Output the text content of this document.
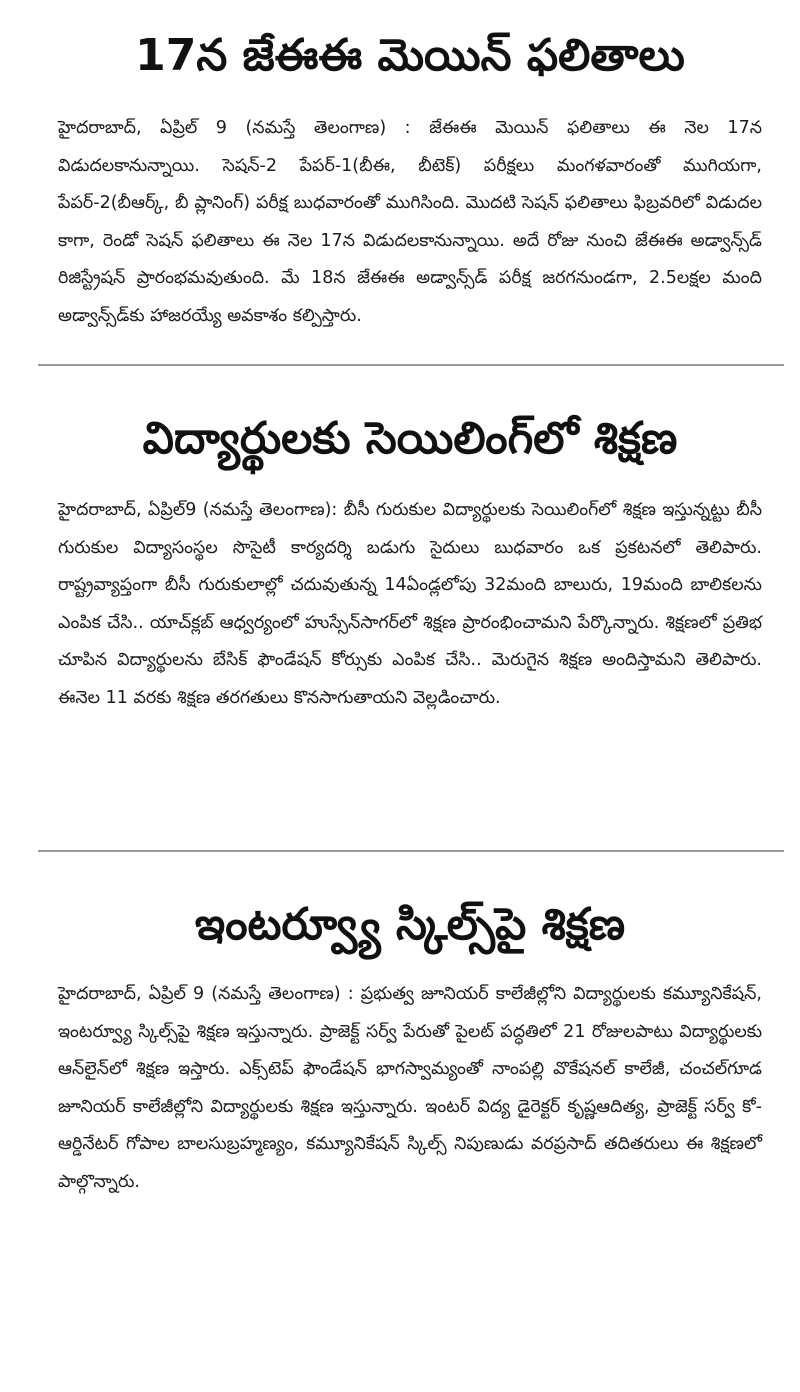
17న జేఈఈ మెయిన్ ఫలితాలు

హైదరాబాద్, ఏప్రిల్ 9 (నమస్తే తెలంగాణ) : జేఈఈ మెయిన్ ఫలితాలు ఈ నెల 17న విడుదలకానున్నాయి. సెషన్-2 పేపర్-1(బీఈ, బీటెక్) పరీక్షలు మంగళవారంతో ముగియగా, పేపర్-2(బీఆర్క్, బీ ప్లానింగ్) పరీక్ష బుధవారంతో ముగిసింది. మొదటి సెషన్ ఫలితాలు ఫిబ్రవరిలో విడుదల కాగా, రెండో సెషన్ ఫలితాలు ఈ నెల 17న విడుదలకానున్నాయి. అదే రోజు నుంచి జేఈఈ అడ్వాన్స్‌డ్ రిజిస్ట్రేషన్ ప్రారంభమవుతుంది. మే 18న జేఈఈ అడ్వాన్స్‌డ్ పరీక్ష జరగనుండగా, 2.5లక్షల మంది అడ్వాన్స్‌డ్‌కు హాజరయ్యే అవకాశం కల్పిస్తారు.

విద్యార్థులకు సెయిలింగ్‌లో శిక్షణ

హైదరాబాద్, ఏప్రిల్9 (నమస్తే తెలంగాణ): బీసీ గురుకుల విద్యార్థులకు సెయిలింగ్‌లో శిక్షణ ఇస్తున్నట్టు బీసీ గురుకుల విద్యాసంస్థల సొసైటీ కార్యదర్శి బడుగు సైదులు బుధవారం ఒక ప్రకటనలో తెలిపారు. రాష్ట్రవ్యాప్తంగా బీసీ గురుకులాల్లో చదువుతున్న 14ఏండ్లలోపు 32మంది బాలురు, 19మంది బాలికలను ఎంపిక చేసి.. యాచ్‌క్లబ్ ఆధ్వర్యంలో హుస్సేన్‌సాగర్‌లో శిక్షణ ప్రారంభించామని పేర్కొన్నారు. శిక్షణలో ప్రతిభ చూపిన విద్యార్థులను బేసిక్ ఫౌండేషన్ కోర్సుకు ఎంపిక చేసి.. మెరుగైన శిక్షణ అందిస్తామని తెలిపారు. ఈనెల 11 వరకు శిక్షణ తరగతులు కొనసాగుతాయని వెల్లడించారు.

ఇంటర్వ్యూ స్కిల్స్‌పై శిక్షణ

హైదరాబాద్, ఏప్రిల్ 9 (నమస్తే తెలంగాణ) : ప్రభుత్వ జూనియర్ కాలేజీల్లోని విద్యార్థులకు కమ్యూనికేషన్, ఇంటర్వ్యూ స్కిల్స్‌పై శిక్షణ ఇస్తున్నారు. ప్రాజెక్ట్ సర్వ్ పేరుతో పైలట్ పద్ధతిలో 21 రోజులపాటు విద్యార్థులకు ఆన్‌లైన్‌లో శిక్షణ ఇస్తారు. ఎక్స్‌టెప్ ఫౌండేషన్ భాగస్వామ్యంతో నాంపల్లి వొకేషనల్ కాలేజీ, చంచల్‌గూడ జూనియర్ కాలేజీల్లోని విద్యార్థులకు శిక్షణ ఇస్తున్నారు. ఇంటర్ విద్య డైరెక్టర్ కృష్ణఆదిత్య, ప్రాజెక్ట్ సర్వ్ కో-ఆర్డినేటర్ గోపాల బాలసుబ్రహ్మణ్యం, కమ్యూనికేషన్ స్కిల్స్ నిపుణుడు వరప్రసాద్ తదితరులు ఈ శిక్షణలో పాల్గొన్నారు.
